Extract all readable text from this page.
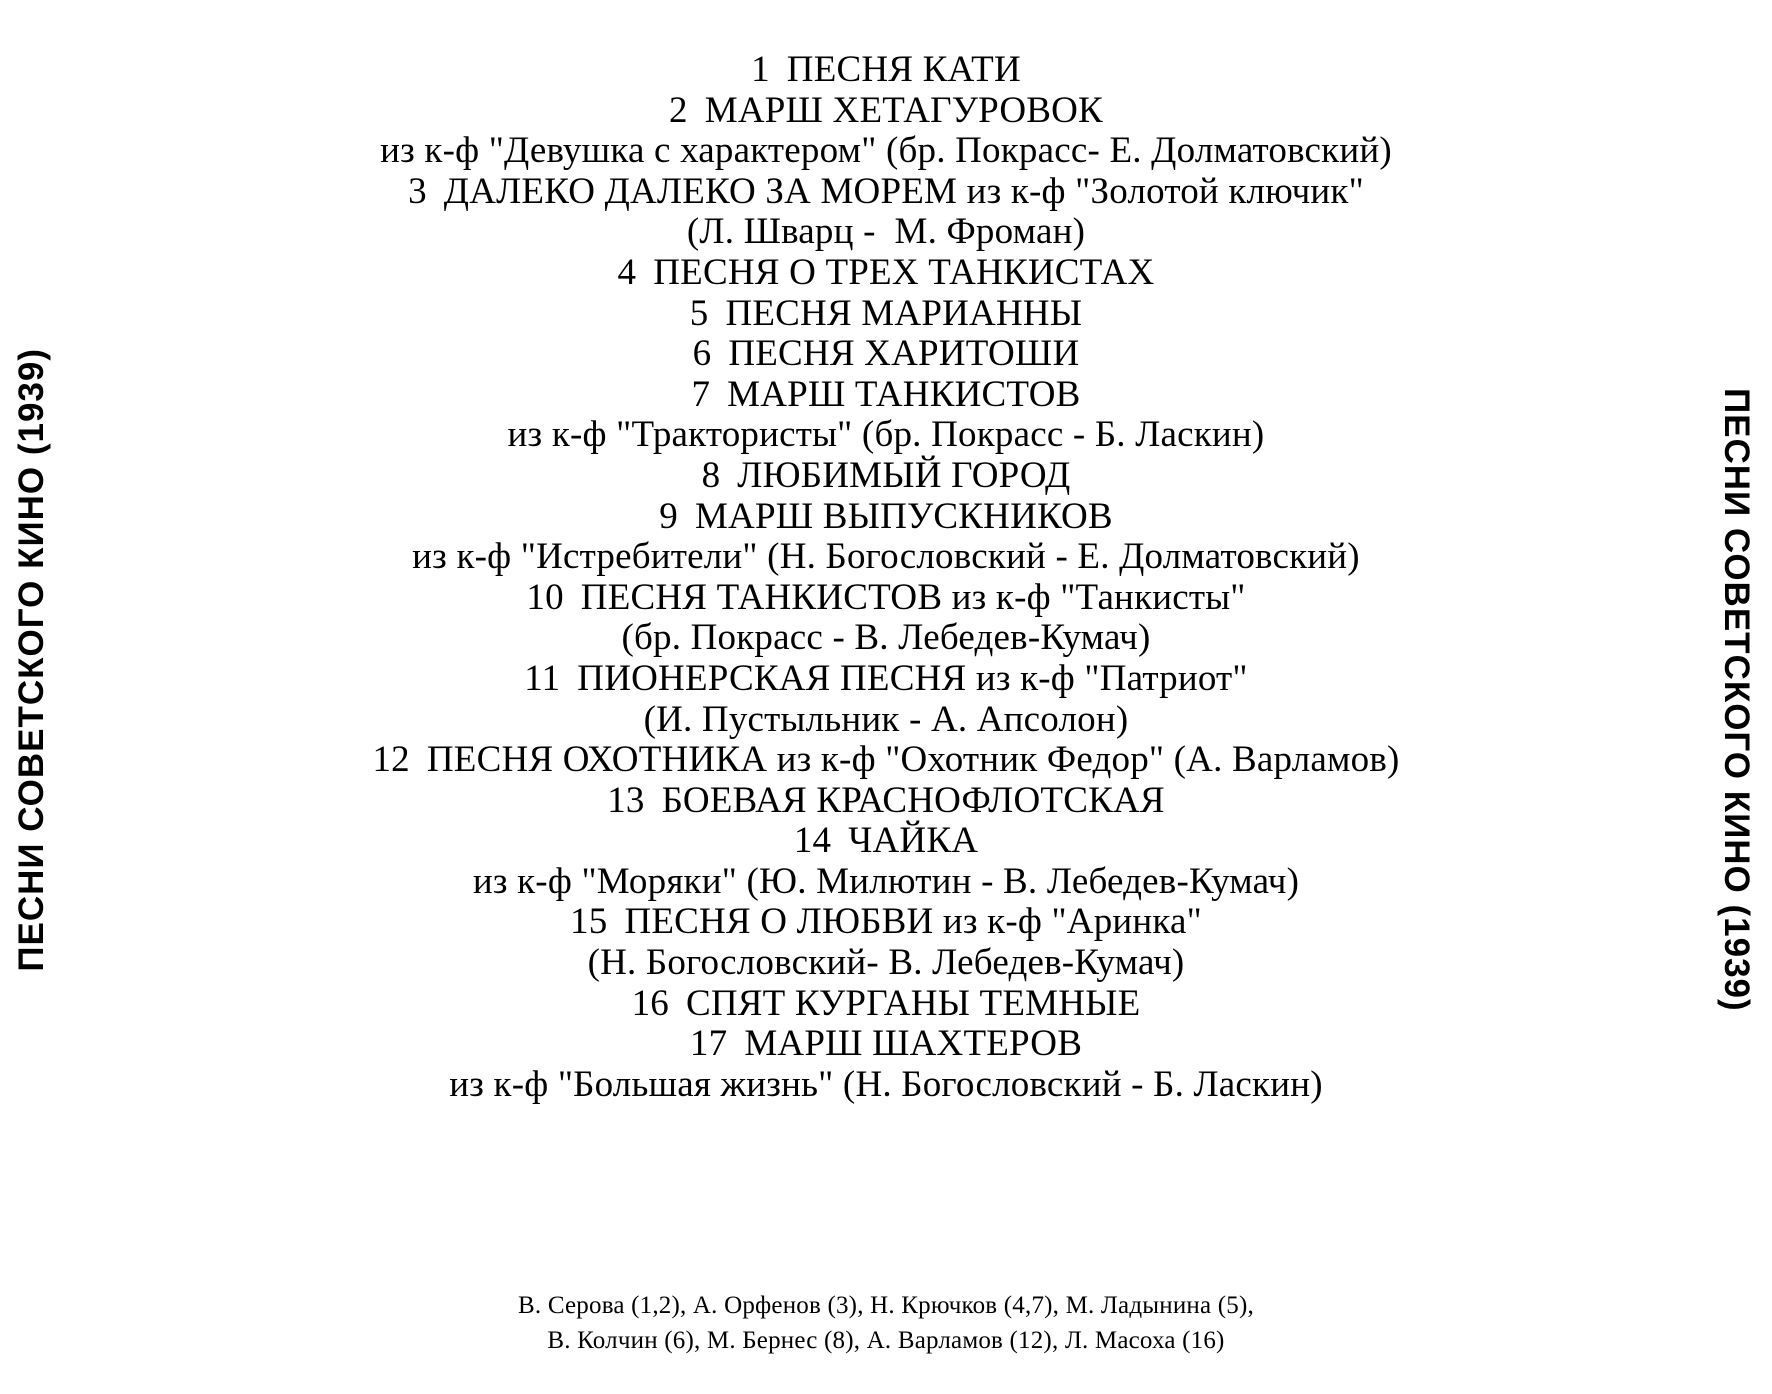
ПЕСНИ СОВЕТСКОГО КИНО (1939)
1 ПЕСНЯ КАТИ
2 МАРШ ХЕТАГУРОВОК
из к-ф "Девушка с характером" (бр. Покрасс- Е. Долматовский)
3 ДАЛЕКО ДАЛЕКО ЗА МОРЕМ из к-ф "Золотой ключик"
(Л. Шварц -  М. Фроман)
4 ПЕСНЯ О ТРЕХ ТАНКИСТАХ
5 ПЕСНЯ МАРИАННЫ
6 ПЕСНЯ ХАРИТОШИ
7 МАРШ ТАНКИСТОВ
из к-ф "Трактористы" (бр. Покрасс - Б. Ласкин)
8 ЛЮБИМЫЙ ГОРОД
9 МАРШ ВЫПУСКНИКОВ
из к-ф "Истребители" (Н. Богословский - Е. Долматовский)
10 ПЕСНЯ ТАНКИСТОВ из к-ф "Танкисты"
(бр. Покрасс - В. Лебедев-Кумач)
11 ПИОНЕРСКАЯ ПЕСНЯ из к-ф "Патриот"
(И. Пустыльник - А. Апсолон)
12 ПЕСНЯ ОХОТНИКА из к-ф "Охотник Федор" (А. Варламов)
13 БОЕВАЯ КРАСНОФЛОТСКАЯ
14 ЧАЙКА
из к-ф "Моряки" (Ю. Милютин - В. Лебедев-Кумач)
15 ПЕСНЯ О ЛЮБВИ из к-ф "Аринка"
(Н. Богословский- В. Лебедев-Кумач)
16 СПЯТ КУРГАНЫ ТЕМНЫЕ
17 МАРШ ШАХТЕРОВ
из к-ф "Большая жизнь" (Н. Богословский - Б. Ласкин)
В. Серова (1,2), А. Орфенов (3), Н. Крючков (4,7), М. Ладынина (5),
В. Колчин (6), М. Бернес (8), А. Варламов (12), Л. Масоха (16)
ПЕСНИ СОВЕТСКОГО КИНО (1939)
